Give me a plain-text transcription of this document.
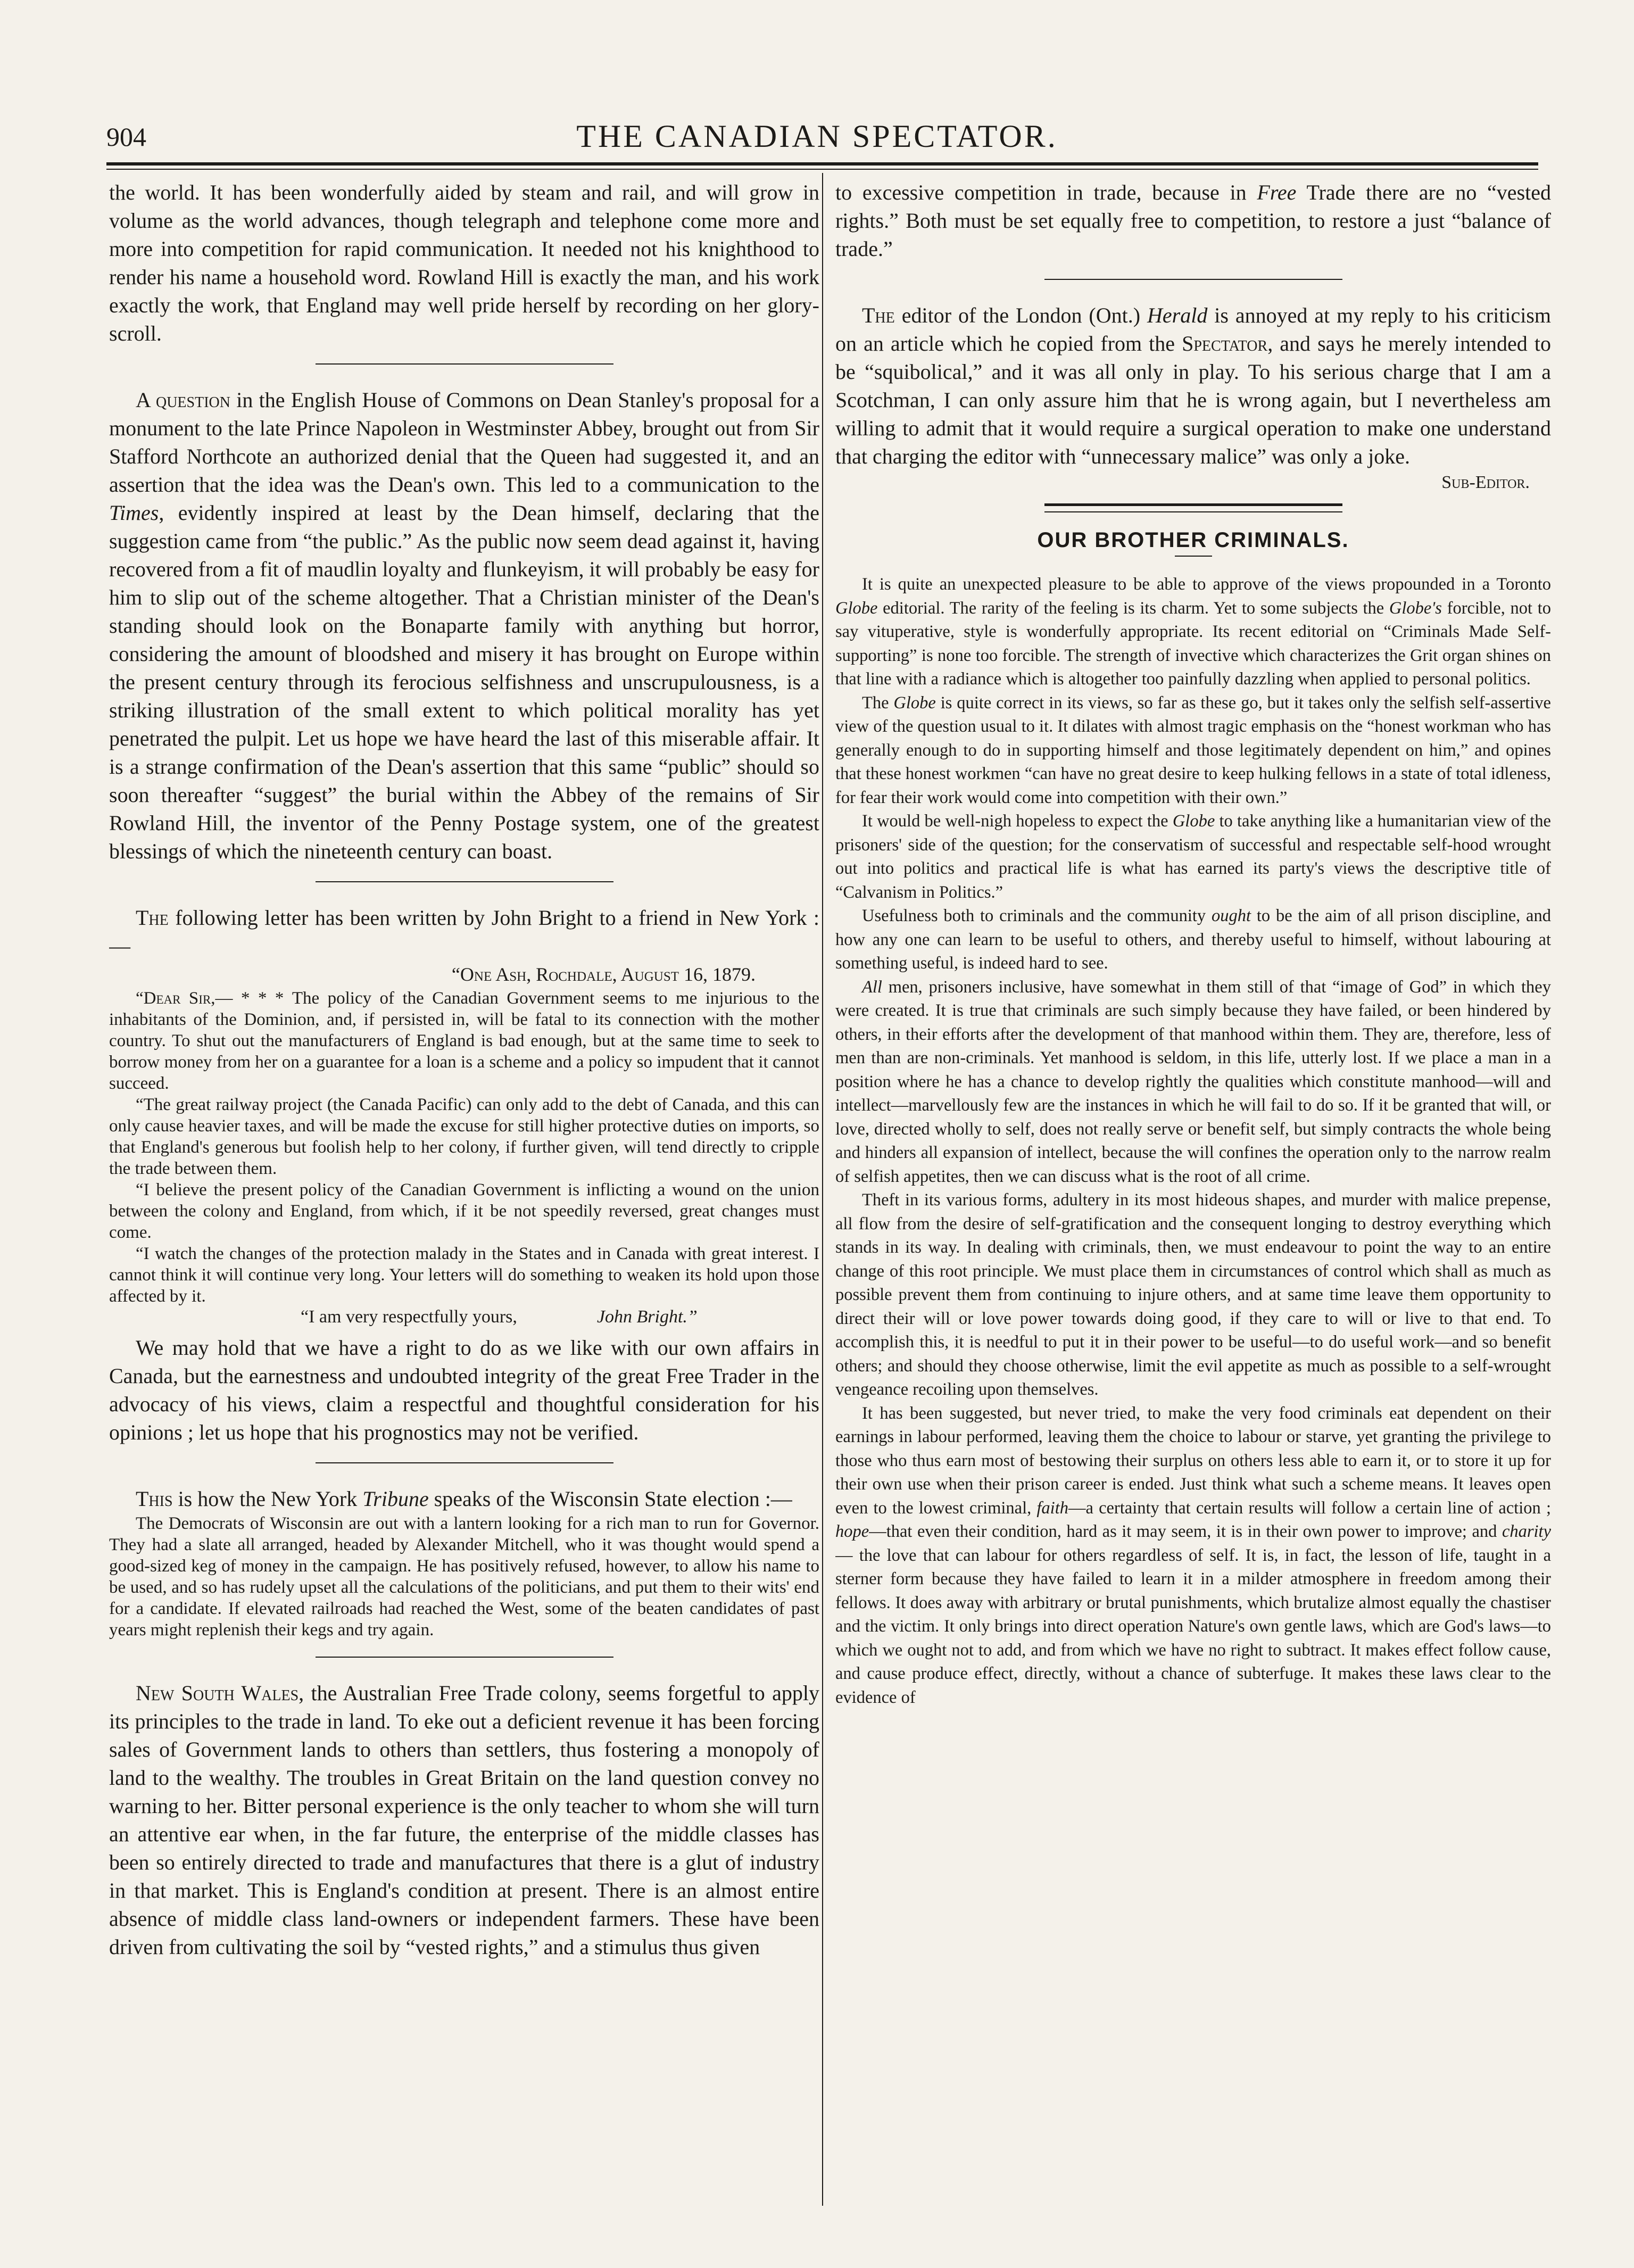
904	THE CANADIAN SPECTATOR.

the world. It has been wonderfully aided by steam and rail, and will grow in volume as the world advances, though telegraph and telephone come more and more into competition for rapid communication. It needed not his knighthood to render his name a household word. Rowland Hill is exactly the man, and his work exactly the work, that England may well pride herself by recording on her glory-scroll.

A question in the English House of Commons on Dean Stanley's proposal for a monument to the late Prince Napoleon in Westminster Abbey, brought out from Sir Stafford Northcote an authorized denial that the Queen had suggested it, and an assertion that the idea was the Dean's own. This led to a communication to the Times, evidently inspired at least by the Dean himself, declaring that the suggestion came from “the public.” As the public now seem dead against it, having recovered from a fit of maudlin loyalty and flunkeyism, it will probably be easy for him to slip out of the scheme altogether. That a Christian minister of the Dean's standing should look on the Bonaparte family with anything but horror, considering the amount of bloodshed and misery it has brought on Europe within the present century through its ferocious selfishness and unscrupulousness, is a striking illustration of the small extent to which political morality has yet penetrated the pulpit. Let us hope we have heard the last of this miserable affair. It is a strange confirmation of the Dean's assertion that this same “public” should so soon thereafter “suggest” the burial within the Abbey of the remains of Sir Rowland Hill, the inventor of the Penny Postage system, one of the greatest blessings of which the nineteenth century can boast.

The following letter has been written by John Bright to a friend in New York :—

“One Ash, Rochdale, August 16, 1879.

“Dear Sir,— * * * The policy of the Canadian Government seems to me injurious to the inhabitants of the Dominion, and, if persisted in, will be fatal to its connection with the mother country. To shut out the manufacturers of England is bad enough, but at the same time to seek to borrow money from her on a guarantee for a loan is a scheme and a policy so impudent that it cannot succeed.

“The great railway project (the Canada Pacific) can only add to the debt of Canada, and this can only cause heavier taxes, and will be made the excuse for still higher protective duties on imports, so that England's generous but foolish help to her colony, if further given, will tend directly to cripple the trade between them.

“I believe the present policy of the Canadian Government is inflicting a wound on the union between the colony and England, from which, if it be not speedily reversed, great changes must come.

“I watch the changes of the protection malady in the States and in Canada with great interest. I cannot think it will continue very long. Your letters will do something to weaken its hold upon those affected by it.

“I am very respectfully yours,	John Bright.”

We may hold that we have a right to do as we like with our own affairs in Canada, but the earnestness and undoubted integrity of the great Free Trader in the advocacy of his views, claim a respectful and thoughtful consideration for his opinions ; let us hope that his prognostics may not be verified.

This is how the New York Tribune speaks of the Wisconsin State election :—

The Democrats of Wisconsin are out with a lantern looking for a rich man to run for Governor. They had a slate all arranged, headed by Alexander Mitchell, who it was thought would spend a good-sized keg of money in the campaign. He has positively refused, however, to allow his name to be used, and so has rudely upset all the calculations of the politicians, and put them to their wits' end for a candidate. If elevated railroads had reached the West, some of the beaten candidates of past years might replenish their kegs and try again.

New South Wales, the Australian Free Trade colony, seems forgetful to apply its principles to the trade in land. To eke out a deficient revenue it has been forcing sales of Government lands to others than settlers, thus fostering a monopoly of land to the wealthy. The troubles in Great Britain on the land question convey no warning to her. Bitter personal experience is the only teacher to whom she will turn an attentive ear when, in the far future, the enterprise of the middle classes has been so entirely directed to trade and manufactures that there is a glut of industry in that market. This is England's condition at present. There is an almost entire absence of middle class land-owners or independent farmers. These have been driven from cultivating the soil by “vested rights,” and a stimulus thus given

to excessive competition in trade, because in Free Trade there are no “vested rights.” Both must be set equally free to competition, to restore a just “balance of trade.”

The editor of the London (Ont.) Herald is annoyed at my reply to his criticism on an article which he copied from the Spectator, and says he merely intended to be “squibolical,” and it was all only in play. To his serious charge that I am a Scotchman, I can only assure him that he is wrong again, but I nevertheless am willing to admit that it would require a surgical operation to make one understand that charging the editor with “unnecessary malice” was only a joke.

Sub-Editor.

OUR BROTHER CRIMINALS.

It is quite an unexpected pleasure to be able to approve of the views propounded in a Toronto Globe editorial. The rarity of the feeling is its charm. Yet to some subjects the Globe's forcible, not to say vituperative, style is wonderfully appropriate. Its recent editorial on “Criminals Made Self-supporting” is none too forcible. The strength of invective which characterizes the Grit organ shines on that line with a radiance which is altogether too painfully dazzling when applied to personal politics.

The Globe is quite correct in its views, so far as these go, but it takes only the selfish self-assertive view of the question usual to it. It dilates with almost tragic emphasis on the “honest workman who has generally enough to do in supporting himself and those legitimately dependent on him,” and opines that these honest workmen “can have no great desire to keep hulking fellows in a state of total idleness, for fear their work would come into competition with their own.”

It would be well-nigh hopeless to expect the Globe to take anything like a humanitarian view of the prisoners' side of the question; for the conservatism of successful and respectable self-hood wrought out into politics and practical life is what has earned its party's views the descriptive title of “Calvanism in Politics.”

Usefulness both to criminals and the community ought to be the aim of all prison discipline, and how any one can learn to be useful to others, and thereby useful to himself, without labouring at something useful, is indeed hard to see.

All men, prisoners inclusive, have somewhat in them still of that “image of God” in which they were created. It is true that criminals are such simply because they have failed, or been hindered by others, in their efforts after the development of that manhood within them. They are, therefore, less of men than are non-criminals. Yet manhood is seldom, in this life, utterly lost. If we place a man in a position where he has a chance to develop rightly the qualities which constitute manhood—will and intellect—marvellously few are the instances in which he will fail to do so. If it be granted that will, or love, directed wholly to self, does not really serve or benefit self, but simply contracts the whole being and hinders all expansion of intellect, because the will confines the operation only to the narrow realm of selfish appetites, then we can discuss what is the root of all crime.

Theft in its various forms, adultery in its most hideous shapes, and murder with malice prepense, all flow from the desire of self-gratification and the consequent longing to destroy everything which stands in its way. In dealing with criminals, then, we must endeavour to point the way to an entire change of this root principle. We must place them in circumstances of control which shall as much as possible prevent them from continuing to injure others, and at same time leave them opportunity to direct their will or love power towards doing good, if they care to will or live to that end. To accomplish this, it is needful to put it in their power to be useful—to do useful work—and so benefit others; and should they choose otherwise, limit the evil appetite as much as possible to a self-wrought vengeance recoiling upon themselves.

It has been suggested, but never tried, to make the very food criminals eat dependent on their earnings in labour performed, leaving them the choice to labour or starve, yet granting the privilege to those who thus earn most of bestowing their surplus on others less able to earn it, or to store it up for their own use when their prison career is ended. Just think what such a scheme means. It leaves open even to the lowest criminal, faith—a certainty that certain results will follow a certain line of action ; hope—that even their condition, hard as it may seem, it is in their own power to improve; and charity— the love that can labour for others regardless of self. It is, in fact, the lesson of life, taught in a sterner form because they have failed to learn it in a milder atmosphere in freedom among their fellows. It does away with arbitrary or brutal punishments, which brutalize almost equally the chastiser and the victim. It only brings into direct operation Nature's own gentle laws, which are God's laws—to which we ought not to add, and from which we have no right to subtract. It makes effect follow cause, and cause produce effect, directly, without a chance of subterfuge. It makes these laws clear to the evidence of
